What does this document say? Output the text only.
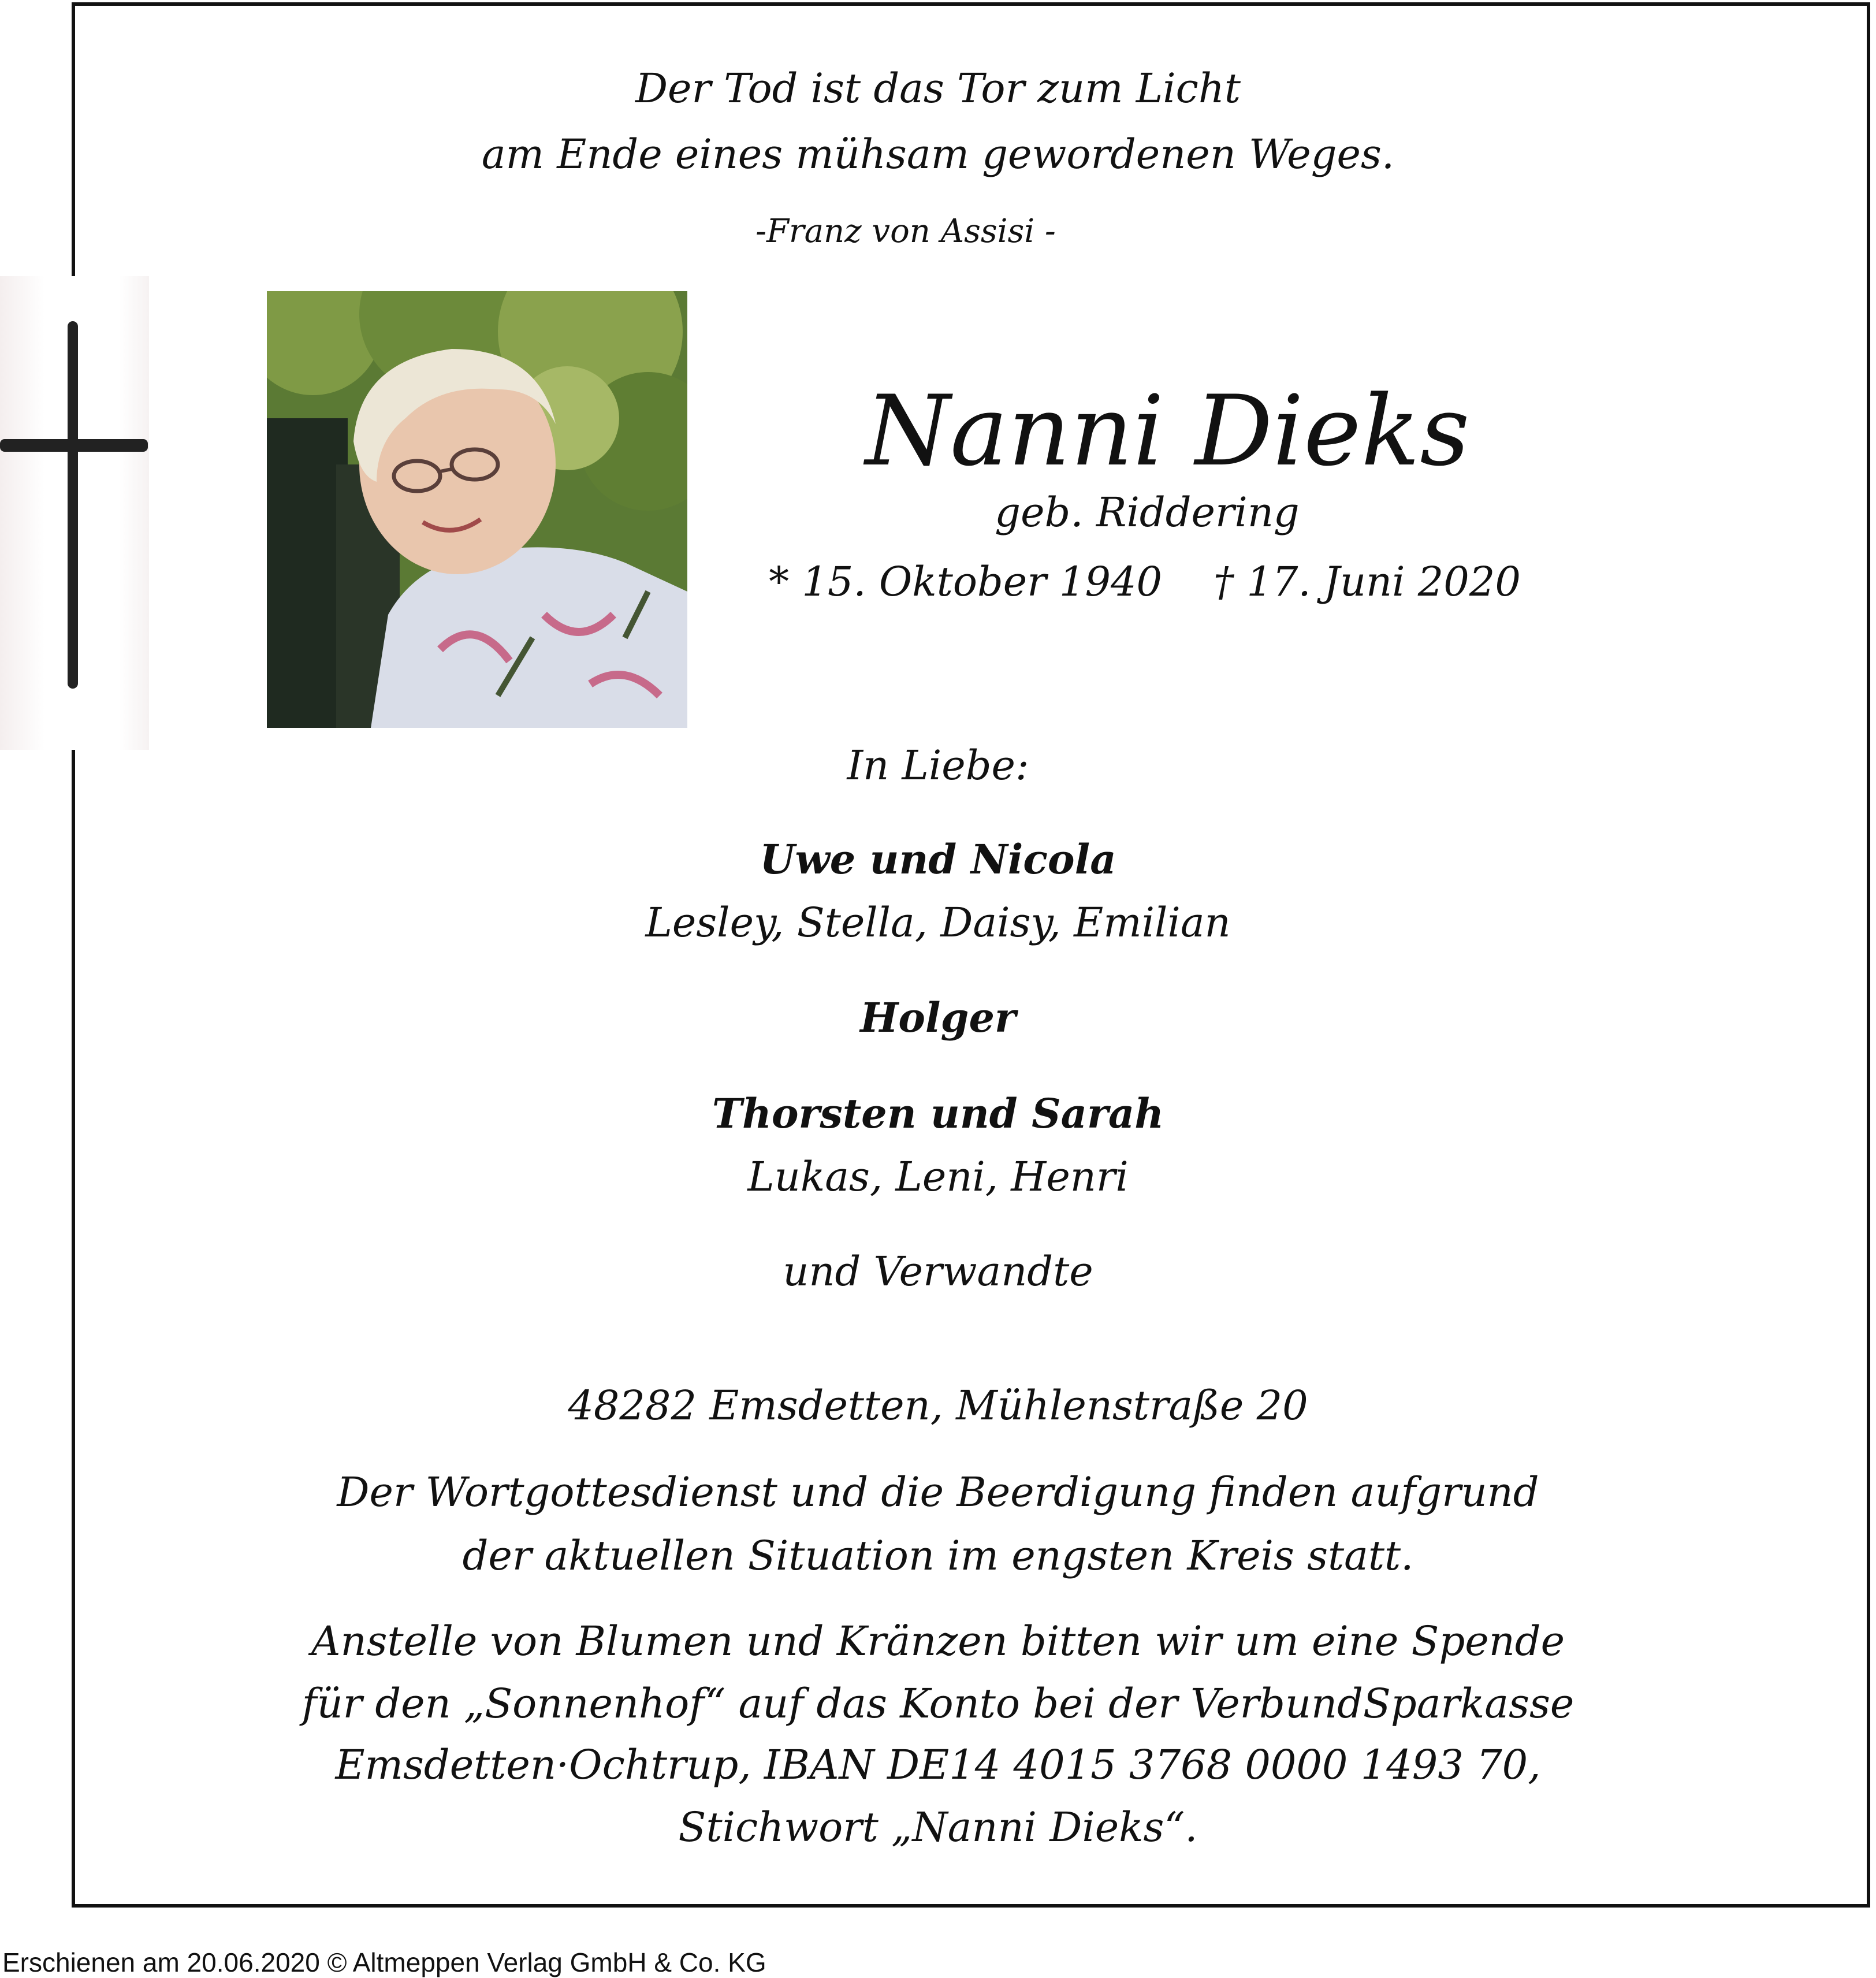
Der Tod ist das Tor zum Licht
am Ende eines mühsam gewordenen Weges.
-Franz von Assisi -
Nanni Dieks
geb. Riddering
* 15. Oktober 1940    † 17. Juni 2020
In Liebe:
Uwe und Nicola
Lesley, Stella, Daisy, Emilian
Holger
Thorsten und Sarah
Lukas, Leni, Henri
und Verwandte
48282 Emsdetten, Mühlenstraße 20
Der Wortgottesdienst und die Beerdigung finden aufgrund
der aktuellen Situation im engsten Kreis statt.
Anstelle von Blumen und Kränzen bitten wir um eine Spende
für den „Sonnenhof“ auf das Konto bei der VerbundSparkasse
Emsdetten·Ochtrup, IBAN DE14 4015 3768 0000 1493 70,
Stichwort „Nanni Dieks“.
Erschienen am 20.06.2020 © Altmeppen Verlag GmbH & Co. KG
